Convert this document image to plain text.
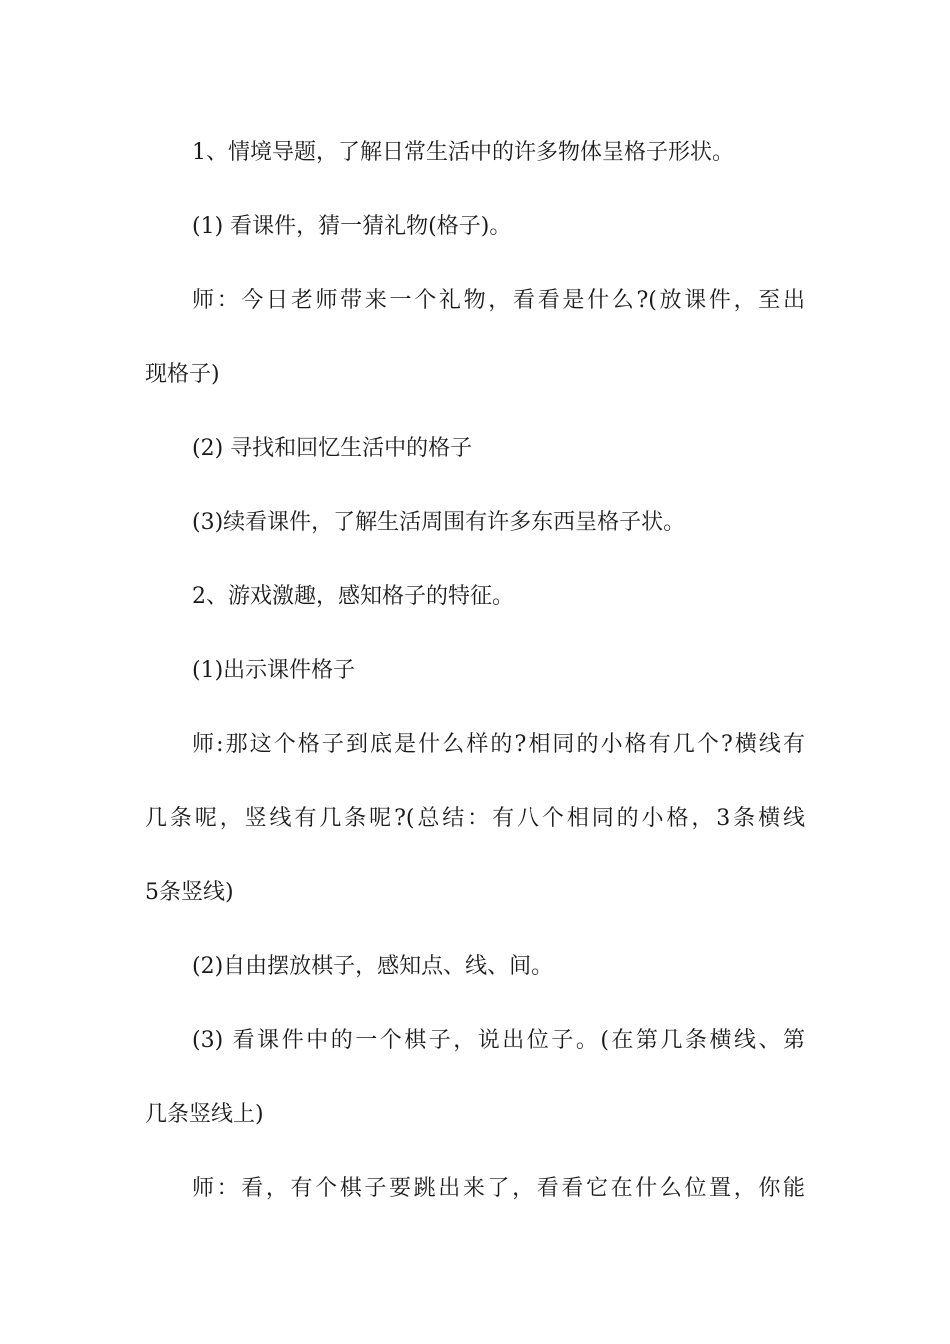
1、情境导题，了解日常生活中的许多物体呈格子形状。

(1) 看课件，猜一猜礼物(格子)。

师：今日老师带来一个礼物，看看是什么?(放课件，至出

现格子)

(2) 寻找和回忆生活中的格子

(3)续看课件，了解生活周围有许多东西呈格子状。

2、游戏激趣，感知格子的特征。

(1)出示课件格子

师:那这个格子到底是什么样的?相同的小格有几个?横线有

几条呢，竖线有几条呢?(总结：有八个相同的小格，3条横线

5条竖线)

(2)自由摆放棋子，感知点、线、间。

(3) 看课件中的一个棋子，说出位子。(在第几条横线、第

几条竖线上)

师：看，有个棋子要跳出来了，看看它在什么位置，你能
